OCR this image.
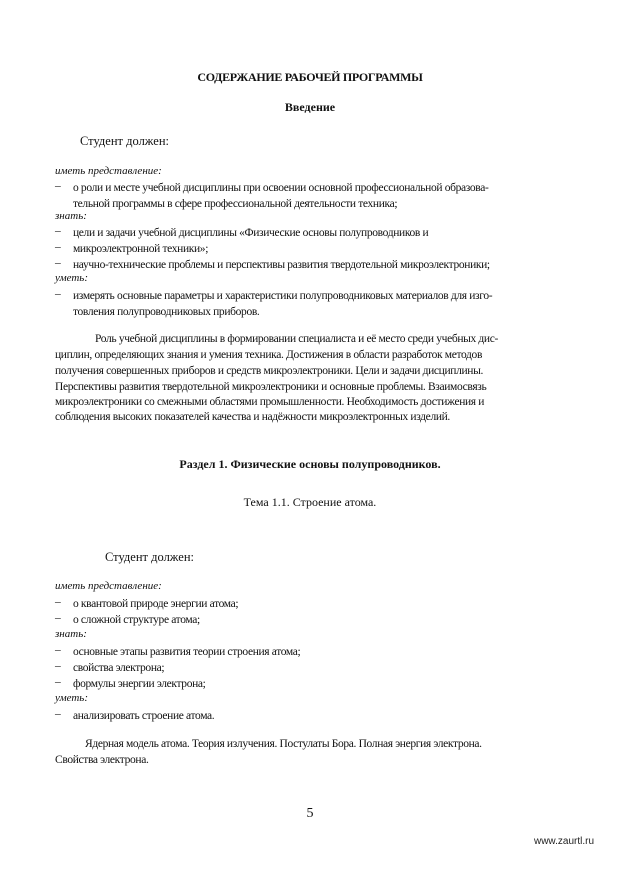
СОДЕРЖАНИЕ РАБОЧЕЙ ПРОГРАММЫ
Введение
Студент должен:
иметь представление:
–	о роли и месте учебной дисциплины при освоении основной профессиональной образова-
тельной программы в сфере профессиональной деятельности техника;
знать:
–	цели и задачи учебной дисциплины «Физические основы полупроводников и
–	микроэлектронной техники»;
–	научно-технические проблемы и перспективы развития твердотельной микроэлектроники;
уметь:
–	измерять основные параметры и характеристики полупроводниковых материалов для изго-
товления полупроводниковых приборов.
Роль учебной дисциплины в формировании специалиста и её место среди учебных дис-
циплин, определяющих знания и умения техника. Достижения в области разработок методов
получения совершенных приборов и средств микроэлектроники. Цели и задачи дисциплины.
Перспективы развития твердотельной микроэлектроники и основные проблемы. Взаимосвязь
микроэлектроники со смежными областями промышленности. Необходимость достижения и
соблюдения высоких показателей качества и надёжности микроэлектронных изделий.
Раздел 1. Физические основы полупроводников.
Тема 1.1. Строение атома.
Студент должен:
иметь представление:
–	о квантовой природе энергии атома;
–	о сложной структуре атома;
знать:
–	основные этапы развития теории строения атома;
–	свойства электрона;
–	формулы энергии электрона;
уметь:
–	анализировать строение атома.
Ядерная модель атома. Теория излучения. Постулаты Бора. Полная энергия электрона.
Свойства электрона.
5
www.zaurtl.ru
